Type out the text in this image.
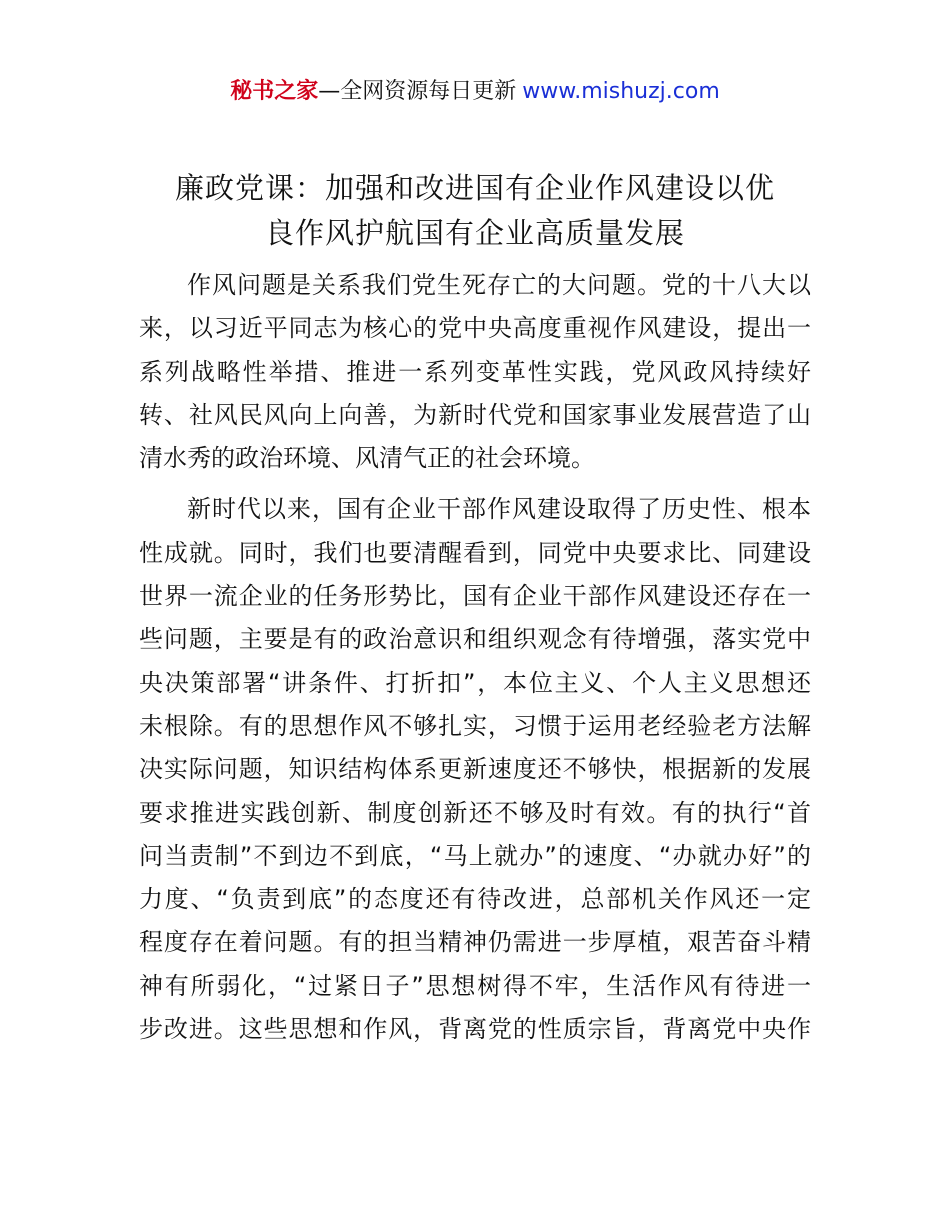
秘书之家—全网资源每日更新 www.mishuzj.com
廉政党课：加强和改进国有企业作风建设以优
良作风护航国有企业高质量发展
作风问题是关系我们党生死存亡的大问题。党的十八大以
来，以习近平同志为核心的党中央高度重视作风建设，提出一
系列战略性举措、推进一系列变革性实践，党风政风持续好
转、社风民风向上向善，为新时代党和国家事业发展营造了山
清水秀的政治环境、风清气正的社会环境。
新时代以来，国有企业干部作风建设取得了历史性、根本
性成就。同时，我们也要清醒看到，同党中央要求比、同建设
世界一流企业的任务形势比，国有企业干部作风建设还存在一
些问题，主要是有的政治意识和组织观念有待增强，落实党中
央决策部署“讲条件、打折扣”，本位主义、个人主义思想还
未根除。有的思想作风不够扎实，习惯于运用老经验老方法解
决实际问题，知识结构体系更新速度还不够快，根据新的发展
要求推进实践创新、制度创新还不够及时有效。有的执行“首
问当责制”不到边不到底，“马上就办”的速度、“办就办好”的
力度、“负责到底”的态度还有待改进，总部机关作风还一定
程度存在着问题。有的担当精神仍需进一步厚植，艰苦奋斗精
神有所弱化，“过紧日子”思想树得不牢，生活作风有待进一
步改进。这些思想和作风，背离党的性质宗旨，背离党中央作
